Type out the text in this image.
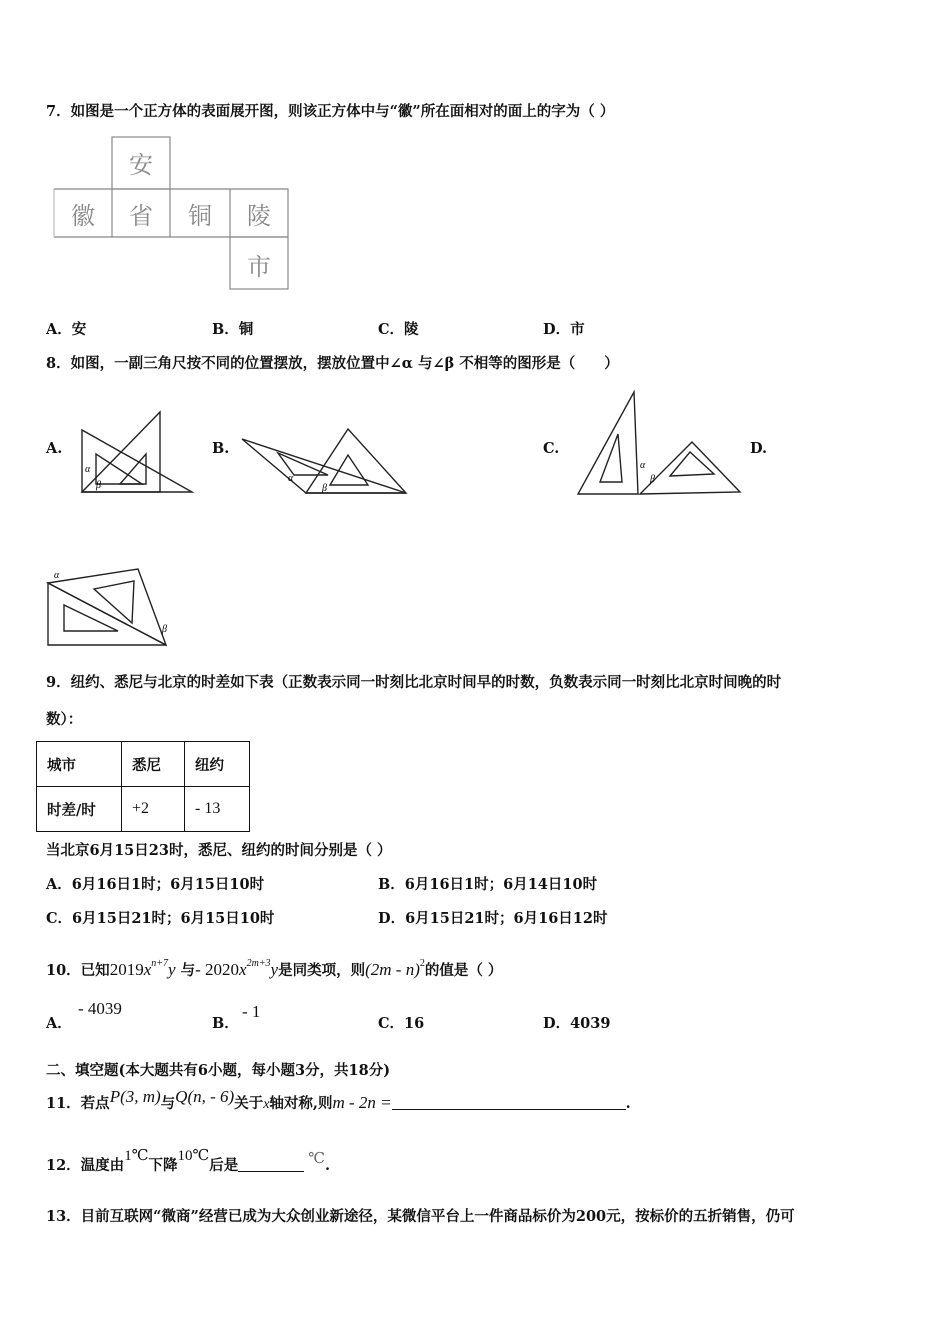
7．如图是一个正方体的表面展开图，则该正方体中与“徽”所在面相对的面上的字为（ ）
安
徽 省 铜 陵
市
A．安	B．铜	C．陵	D．市
8．如图，一副三角尺按不同的位置摆放，摆放位置中∠α 与∠β 不相等的图形是（　　）
A.
α
β
B.
α
β
C.
α
β
D.
α
β
9．纽约、悉尼与北京的时差如下表（正数表示同一时刻比北京时间早的时数，负数表示同一时刻比北京时间晚的时
数）：
城市	悉尼	纽约
时差/时	+2	- 13
当北京6月15日23时，悉尼、纽约的时间分别是（ ）
A．6月16日1时；6月15日10时	B．6月16日1时；6月14日10时
C．6月15日21时；6月15日10时	D．6月15日21时；6月16日12时
10．已知$2019x^{n+7}y$ 与- $2020x^{2m+3}y$是同类项，则(2m - n)$^2$的值是（ ）
A．
- 4039
B．
- 1
C．16	D．4039
二、填空题(本大题共有6小题，每小题3分，共18分)
11．若点P(3, m)与Q(n, - 6)关于x轴对称,则m - 2n =	.
12．温度由1℃下降10℃后是	℃.
13．目前互联网“微商”经营已成为大众创业新途径，某微信平台上一件商品标价为200元，按标价的五折销售，仍可
